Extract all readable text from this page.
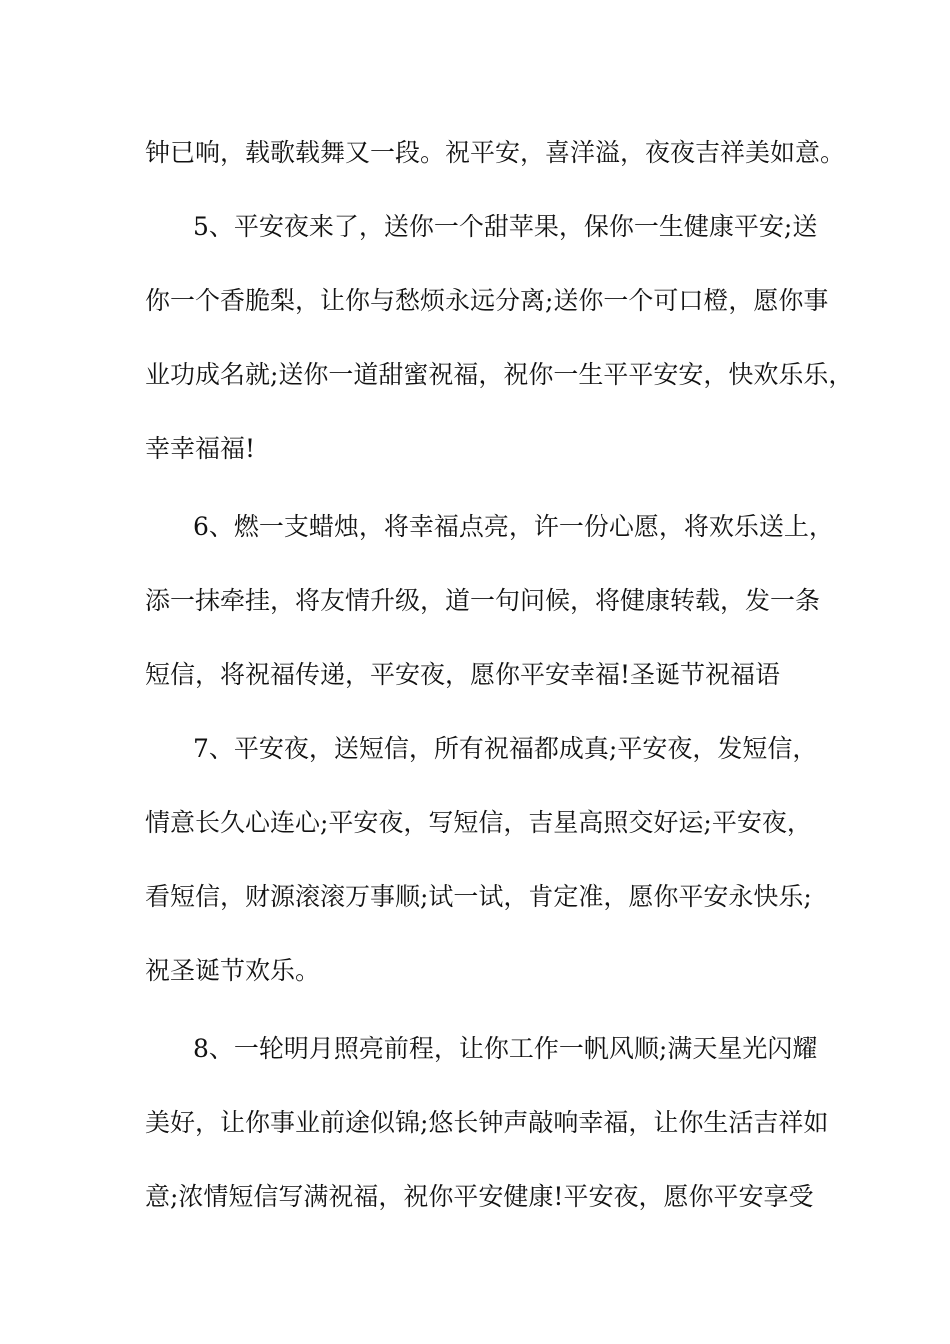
钟已响，载歌载舞又一段。祝平安，喜洋溢，夜夜吉祥美如意。

5、平安夜来了，送你一个甜苹果，保你一生健康平安;送

你一个香脆梨，让你与愁烦永远分离;送你一个可口橙，愿你事

业功成名就;送你一道甜蜜祝福，祝你一生平平安安，快欢乐乐，

幸幸福福!

6、燃一支蜡烛，将幸福点亮，许一份心愿，将欢乐送上，

添一抹牵挂，将友情升级，道一句问候，将健康转载，发一条

短信，将祝福传递，平安夜，愿你平安幸福!圣诞节祝福语

7、平安夜，送短信，所有祝福都成真;平安夜，发短信，

情意长久心连心;平安夜，写短信，吉星高照交好运;平安夜，

看短信，财源滚滚万事顺;试一试，肯定准，愿你平安永快乐;

祝圣诞节欢乐。

8、一轮明月照亮前程，让你工作一帆风顺;满天星光闪耀

美好，让你事业前途似锦;悠长钟声敲响幸福，让你生活吉祥如

意;浓情短信写满祝福，祝你平安健康!平安夜，愿你平安享受
